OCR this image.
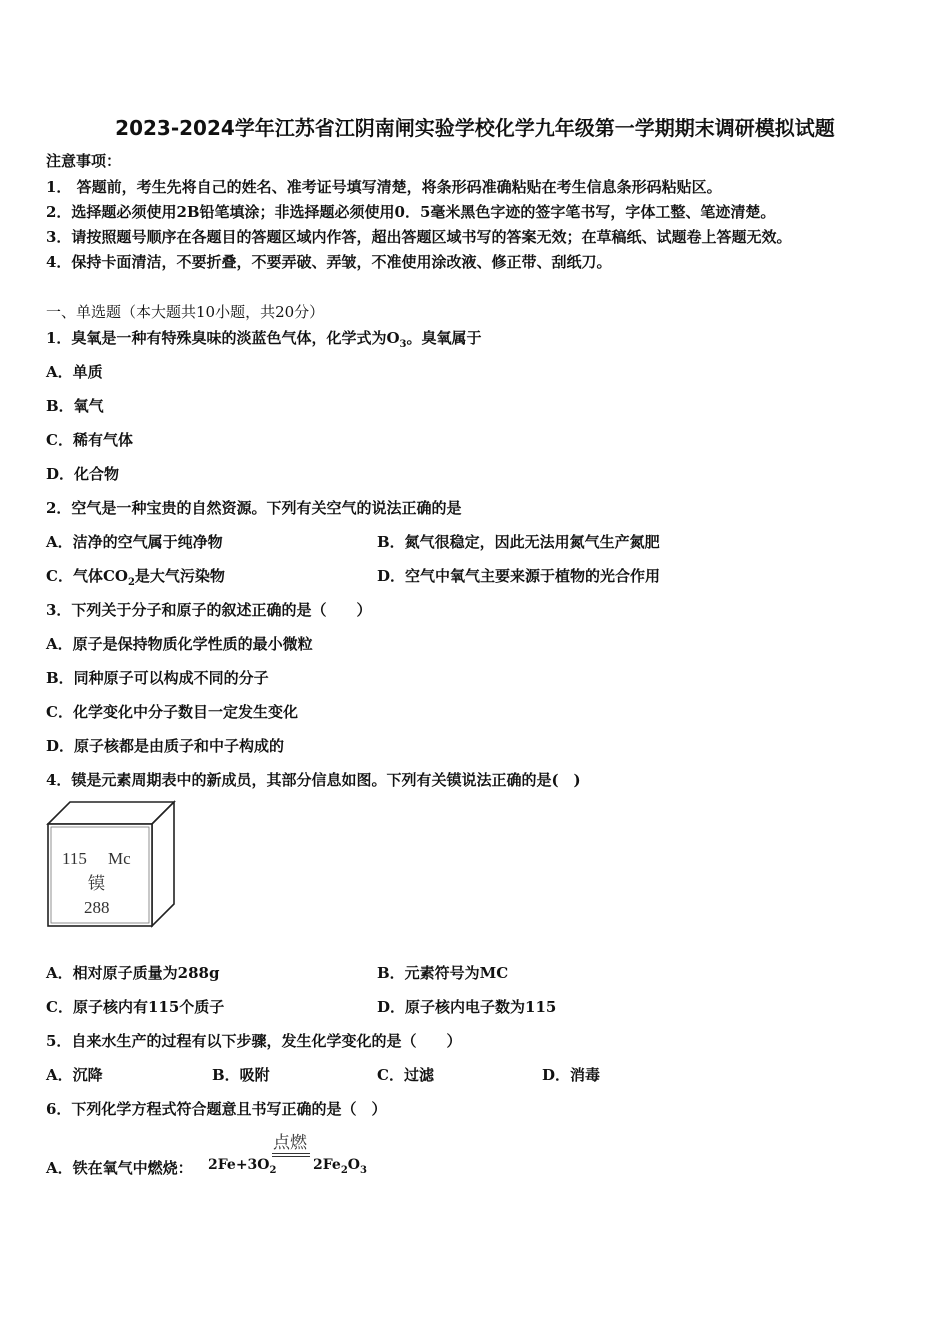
2023-2024学年江苏省江阴南闸实验学校化学九年级第一学期期末调研模拟试题
注意事项：
1． 答题前，考生先将自己的姓名、准考证号填写清楚，将条形码准确粘贴在考生信息条形码粘贴区。
2．选择题必须使用2B铅笔填涂；非选择题必须使用0．5毫米黑色字迹的签字笔书写，字体工整、笔迹清楚。
3．请按照题号顺序在各题目的答题区域内作答，超出答题区域书写的答案无效；在草稿纸、试题卷上答题无效。
4．保持卡面清洁，不要折叠，不要弄破、弄皱，不准使用涂改液、修正带、刮纸刀。
一、单选题（本大题共10小题，共20分）
1．臭氧是一种有特殊臭味的淡蓝色气体，化学式为$O_3$。臭氧属于
A．单质
B．氧气
C．稀有气体
D．化合物
2．空气是一种宝贵的自然资源。下列有关空气的说法正确的是
A．洁净的空气属于纯净物	B．氮气很稳定，因此无法用氮气生产氮肥
C．气体$CO_2$是大气污染物	D．空气中氧气主要来源于植物的光合作用
3．下列关于分子和原子的叙述正确的是（　　）
A．原子是保持物质化学性质的最小微粒
B．同种原子可以构成不同的分子
C．化学变化中分子数目一定发生变化
D．原子核都是由质子和中子构成的
4．镆是元素周期表中的新成员，其部分信息如图。下列有关镆说法正确的是(　)
115 Mc
镆
288
A．相对原子质量为288g	B．元素符号为MC
C．原子核内有115个质子	D．原子核内电子数为115
5．自来水生产的过程有以下步骤，发生化学变化的是（　　）
A．沉降	B．吸附	C．过滤	D．消毒
6．下列化学方程式符合题意且书写正确的是（　）
点燃
A．铁在氧气中燃烧： $2Fe+3O_2$	$2Fe_2O_3$
